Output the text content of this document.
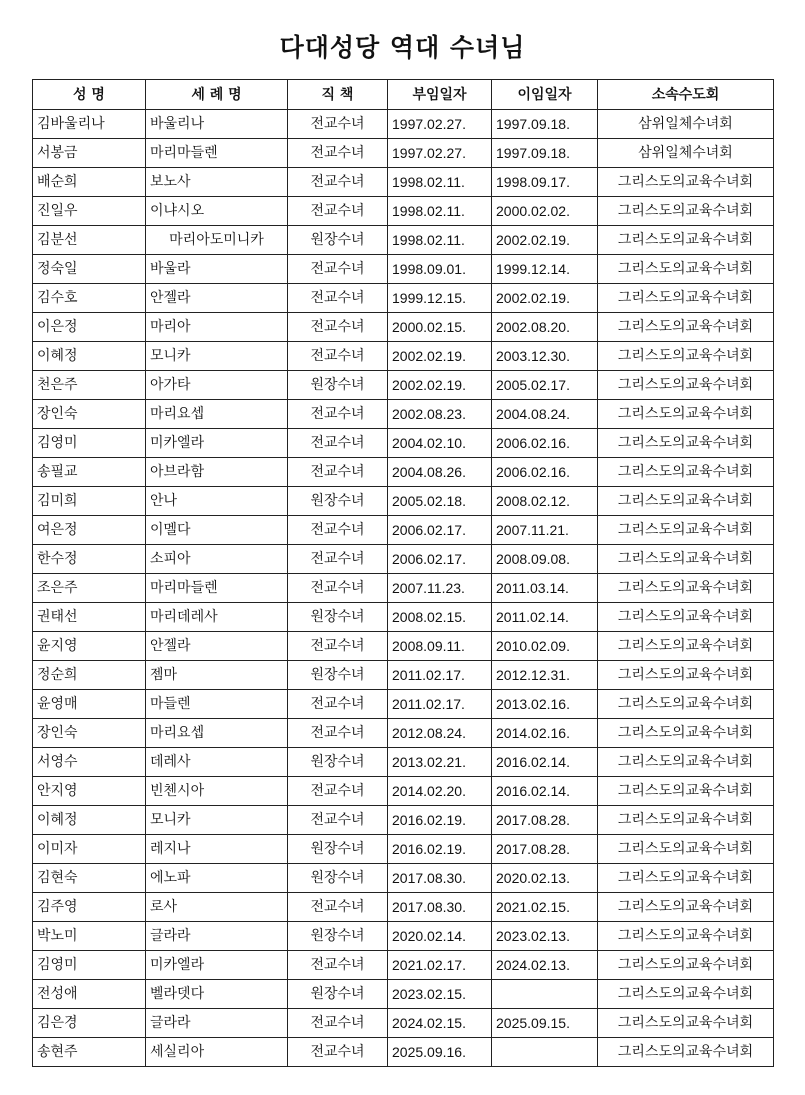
다대성당 역대 수녀님
성 명	세 례 명	직 책	부임일자	이임일자	소속수도회
김바울리나	바울리나	전교수녀	1997.02.27.	1997.09.18.	삼위일체수녀회
서봉금	마리마들렌	전교수녀	1997.02.27.	1997.09.18.	삼위일체수녀회
배순희	보노사	전교수녀	1998.02.11.	1998.09.17.	그리스도의교육수녀회
진일우	이냐시오	전교수녀	1998.02.11.	2000.02.02.	그리스도의교육수녀회
김분선	마리아도미니카	원장수녀	1998.02.11.	2002.02.19.	그리스도의교육수녀회
정숙일	바울라	전교수녀	1998.09.01.	1999.12.14.	그리스도의교육수녀회
김수호	안젤라	전교수녀	1999.12.15.	2002.02.19.	그리스도의교육수녀회
이은정	마리아	전교수녀	2000.02.15.	2002.08.20.	그리스도의교육수녀회
이혜정	모니카	전교수녀	2002.02.19.	2003.12.30.	그리스도의교육수녀회
천은주	아가타	원장수녀	2002.02.19.	2005.02.17.	그리스도의교육수녀회
장인숙	마리요셉	전교수녀	2002.08.23.	2004.08.24.	그리스도의교육수녀회
김영미	미카엘라	전교수녀	2004.02.10.	2006.02.16.	그리스도의교육수녀회
송필교	아브라함	전교수녀	2004.08.26.	2006.02.16.	그리스도의교육수녀회
김미희	안나	원장수녀	2005.02.18.	2008.02.12.	그리스도의교육수녀회
여은정	이멜다	전교수녀	2006.02.17.	2007.11.21.	그리스도의교육수녀회
한수정	소피아	전교수녀	2006.02.17.	2008.09.08.	그리스도의교육수녀회
조은주	마리마들렌	전교수녀	2007.11.23.	2011.03.14.	그리스도의교육수녀회
권태선	마리데레사	원장수녀	2008.02.15.	2011.02.14.	그리스도의교육수녀회
윤지영	안젤라	전교수녀	2008.09.11.	2010.02.09.	그리스도의교육수녀회
정순희	젬마	원장수녀	2011.02.17.	2012.12.31.	그리스도의교육수녀회
윤영매	마들렌	전교수녀	2011.02.17.	2013.02.16.	그리스도의교육수녀회
장인숙	마리요셉	전교수녀	2012.08.24.	2014.02.16.	그리스도의교육수녀회
서영수	데레사	원장수녀	2013.02.21.	2016.02.14.	그리스도의교육수녀회
안지영	빈첸시아	전교수녀	2014.02.20.	2016.02.14.	그리스도의교육수녀회
이혜정	모니카	전교수녀	2016.02.19.	2017.08.28.	그리스도의교육수녀회
이미자	레지나	원장수녀	2016.02.19.	2017.08.28.	그리스도의교육수녀회
김현숙	에노파	원장수녀	2017.08.30.	2020.02.13.	그리스도의교육수녀회
김주영	로사	전교수녀	2017.08.30.	2021.02.15.	그리스도의교육수녀회
박노미	글라라	원장수녀	2020.02.14.	2023.02.13.	그리스도의교육수녀회
김영미	미카엘라	전교수녀	2021.02.17.	2024.02.13.	그리스도의교육수녀회
전성애	벨라뎃다	원장수녀	2023.02.15.		그리스도의교육수녀회
김은경	글라라	전교수녀	2024.02.15.	2025.09.15.	그리스도의교육수녀회
송현주	세실리아	전교수녀	2025.09.16.		그리스도의교육수녀회
